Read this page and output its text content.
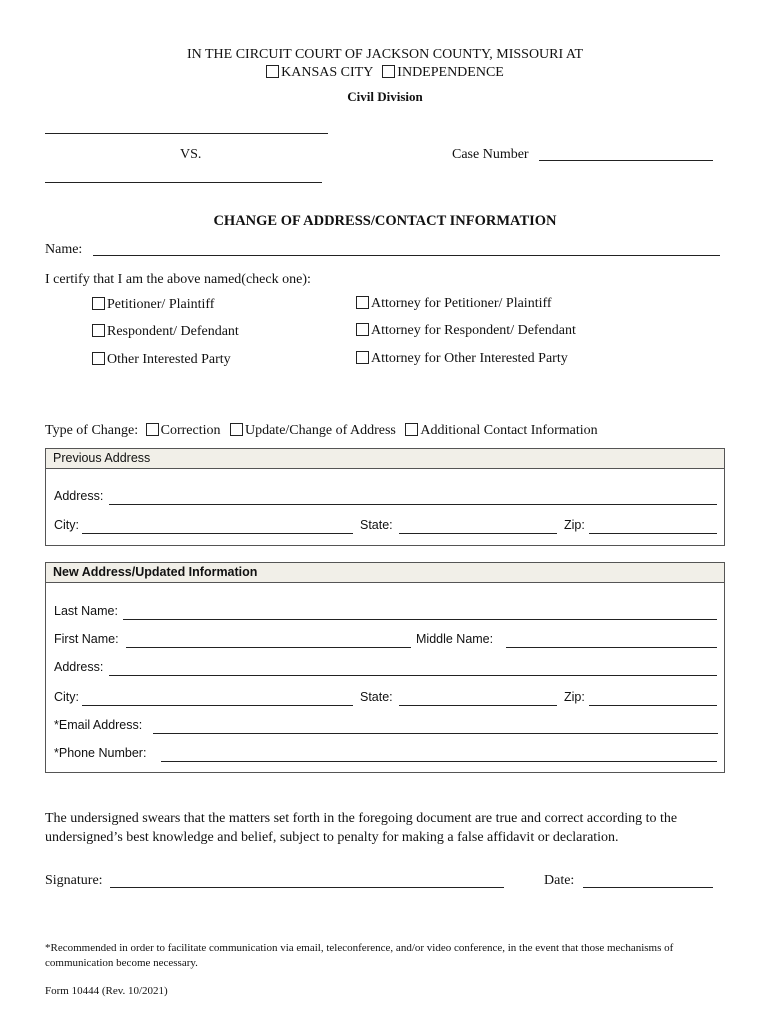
IN THE CIRCUIT COURT OF JACKSON COUNTY, MISSOURI AT
KANSAS CITY INDEPENDENCE
Civil Division
VS.	Case Number
CHANGE OF ADDRESS/CONTACT INFORMATION
Name:
I certify that I am the above named(check one):
Petitioner/ Plaintiff
Respondent/ Defendant
Other Interested Party
Attorney for Petitioner/ Plaintiff
Attorney for Respondent/ Defendant
Attorney for Other Interested Party
Type of Change: Correction Update/Change of Address Additional Contact Information
Previous Address
Address:
City:	State:	Zip:
New Address/Updated Information
Last Name:
First Name:	Middle Name:
Address:
City:	State:	Zip:
*Email Address:
*Phone Number:
The undersigned swears that the matters set forth in the foregoing document are true and correct according to the undersigned’s best knowledge and belief, subject to penalty for making a false affidavit or declaration.
Signature:	Date:
*Recommended in order to facilitate communication via email, teleconference, and/or video conference, in the event that those mechanisms of communication become necessary.
Form 10444 (Rev. 10/2021)
